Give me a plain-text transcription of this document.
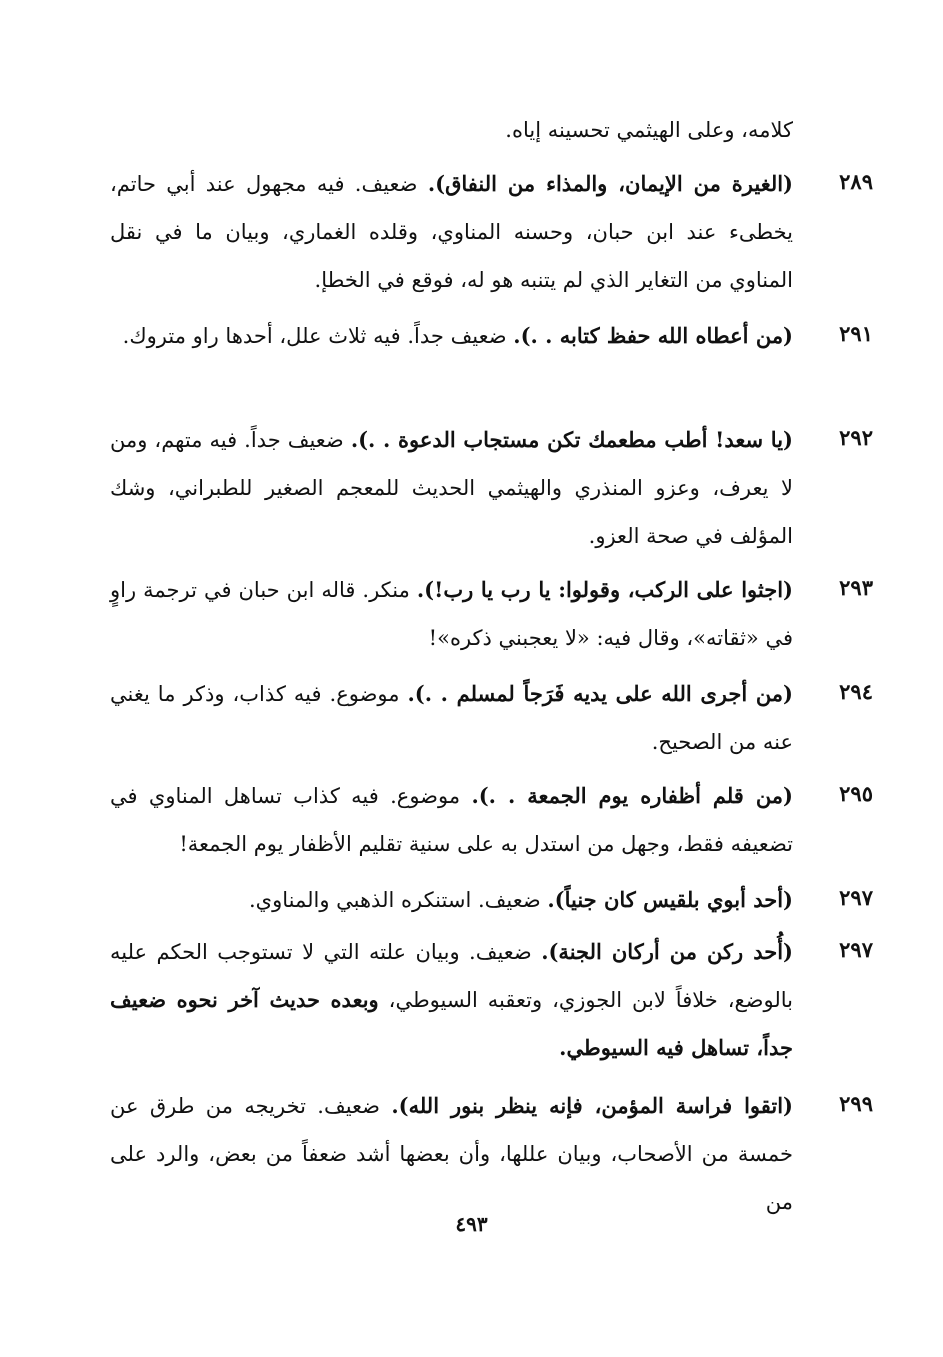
كلامه، وعلى الهيثمي تحسينه إياه.
٢٨٩
(الغيرة من الإيمان، والمذاء من النفاق). ضعيف. فيه مجهول عند أبي حاتم، يخطىء عند ابن حبان، وحسنه المناوي، وقلده الغماري، وبيان ما في نقل المناوي من التغاير الذي لم يتنبه هو له، فوقع في الخطإ.
٢٩١
(من أعطاه الله حفظ كتابه . .). ضعيف جداً. فيه ثلاث علل، أحدها راو متروك.
٢٩٢
(يا سعد! أطب مطعمك تكن مستجاب الدعوة . .). ضعيف جداً. فيه متهم، ومن لا يعرف، وعزو المنذري والهيثمي الحديث للمعجم الصغير للطبراني، وشك المؤلف في صحة العزو.
٢٩٣
(اجثوا على الركب، وقولوا: يا رب يا رب!). منكر. قاله ابن حبان في ترجمة راوٍ في «ثقاته»، وقال فيه: «لا يعجبني ذكره»!
٢٩٤
(من أجرى الله على يديه فَرَجاً لمسلم . .). موضوع. فيه كذاب، وذكر ما يغني عنه من الصحيح.
٢٩٥
(من قلم أظفاره يوم الجمعة . .). موضوع. فيه كذاب تساهل المناوي في تضعيفه فقط، وجهل من استدل به على سنية تقليم الأظفار يوم الجمعة!
٢٩٧
(أحد أبوي بلقيس كان جنياً). ضعيف. استنكره الذهبي والمناوي.
٢٩٧
(أُحد ركن من أركان الجنة). ضعيف. وبيان علته التي لا تستوجب الحكم عليه بالوضع، خلافاً لابن الجوزي، وتعقبه السيوطي، وبعده حديث آخر نحوه ضعيف جداً، تساهل فيه السيوطي.
٢٩٩
(اتقوا فراسة المؤمن، فإنه ينظر بنور الله). ضعيف. تخريجه من طرق عن خمسة من الأصحاب، وبيان عللها، وأن بعضها أشد ضعفاً من بعض، والرد على من
٤٩٣
